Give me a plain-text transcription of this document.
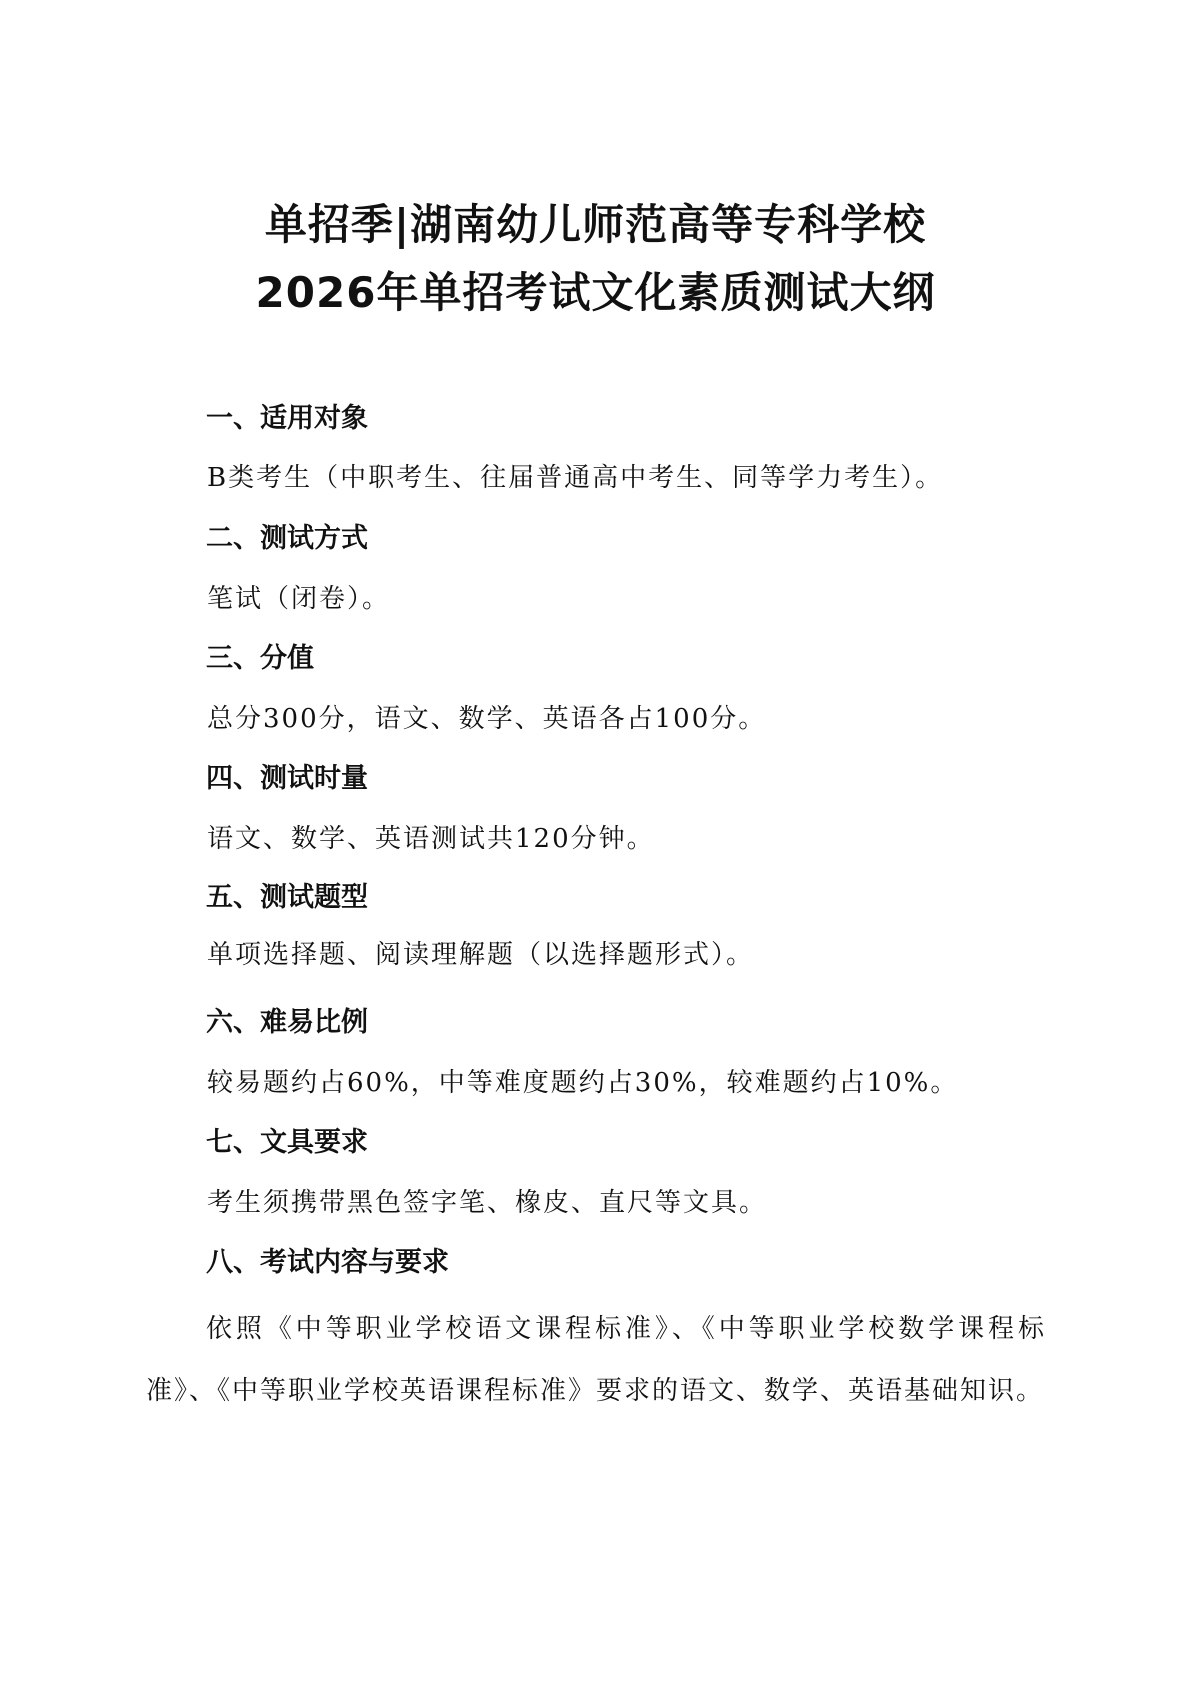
单招季|湖南幼儿师范高等专科学校
2026年单招考试文化素质测试大纲
一、适用对象

B类考生（中职考生、往届普通高中考生、同等学力考生）。

二、测试方式

笔试（闭卷）。

三、分值

总分300分，语文、数学、英语各占100分。

四、测试时量

语文、数学、英语测试共120分钟。

五、测试题型

单项选择题、阅读理解题（以选择题形式）。

六、难易比例

较易题约占60%，中等难度题约占30%，较难题约占10%。

七、文具要求

考生须携带黑色签字笔、橡皮、直尺等文具。

八、考试内容与要求

依照《中等职业学校语文课程标准》、《中等职业学校数学课程标准》、《中等职业学校英语课程标准》要求的语文、数学、英语基础知识。
